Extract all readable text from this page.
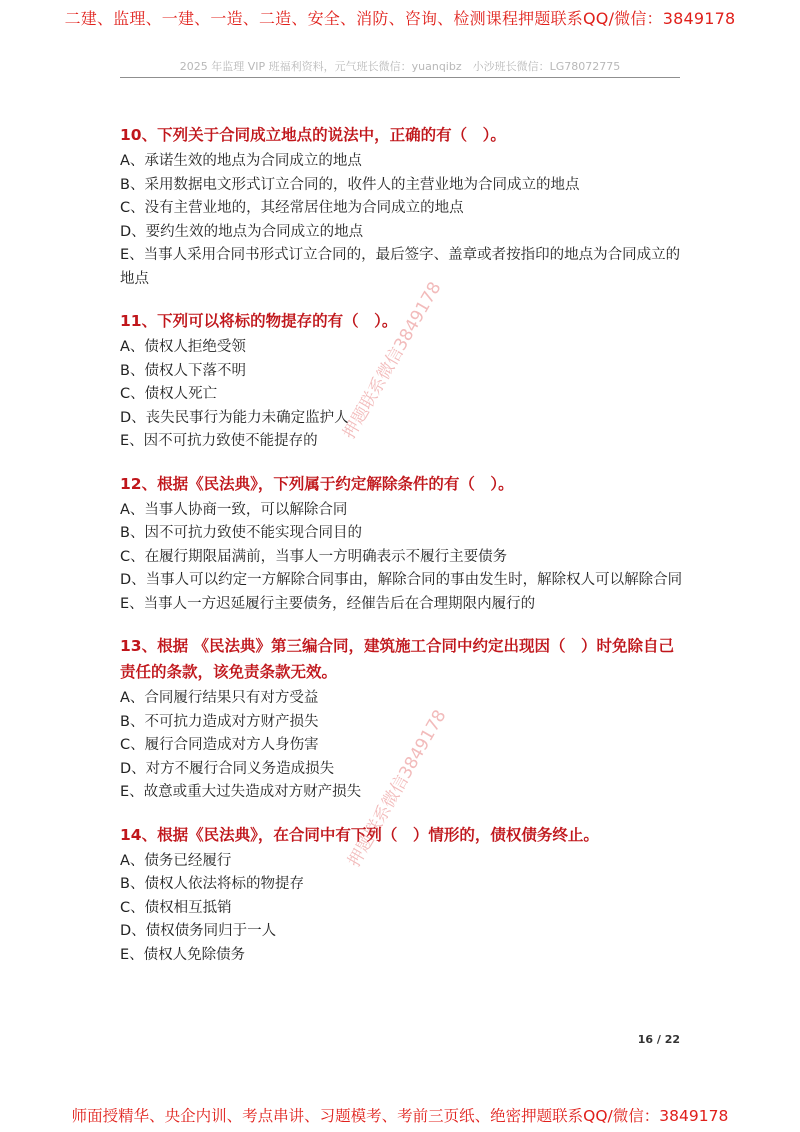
二建、监理、一建、一造、二造、安全、消防、咨询、检测课程押题联系QQ/微信：3849178
2025 年监理 VIP 班福利资料，元气班长微信：yuanqibz　小沙班长微信：LG78072775
10、下列关于合同成立地点的说法中，正确的有（　）。
A、承诺生效的地点为合同成立的地点
B、采用数据电文形式订立合同的，收件人的主营业地为合同成立的地点
C、没有主营业地的，其经常居住地为合同成立的地点
D、要约生效的地点为合同成立的地点
E、当事人采用合同书形式订立合同的，最后签字、盖章或者按指印的地点为合同成立的地点
11、下列可以将标的物提存的有（　）。
A、债权人拒绝受领
B、债权人下落不明
C、债权人死亡
D、丧失民事行为能力未确定监护人
E、因不可抗力致使不能提存的
12、根据《民法典》，下列属于约定解除条件的有（　）。
A、当事人协商一致，可以解除合同
B、因不可抗力致使不能实现合同目的
C、在履行期限届满前，当事人一方明确表示不履行主要债务
D、当事人可以约定一方解除合同事由，解除合同的事由发生时，解除权人可以解除合同
E、当事人一方迟延履行主要债务，经催告后在合理期限内履行的
13、根据 《民法典》第三编合同，建筑施工合同中约定出现因（　）时免除自己责任的条款，该免责条款无效。
A、合同履行结果只有对方受益
B、不可抗力造成对方财产损失
C、履行合同造成对方人身伤害
D、对方不履行合同义务造成损失
E、故意或重大过失造成对方财产损失
14、根据《民法典》，在合同中有下列（　）情形的，债权债务终止。
A、债务已经履行
B、债权人依法将标的物提存
C、债权相互抵销
D、债权债务同归于一人
E、债权人免除债务
押题联系微信3849178
押题联系微信3849178
16 / 22
师面授精华、央企内训、考点串讲、习题模考、考前三页纸、绝密押题联系QQ/微信：3849178
